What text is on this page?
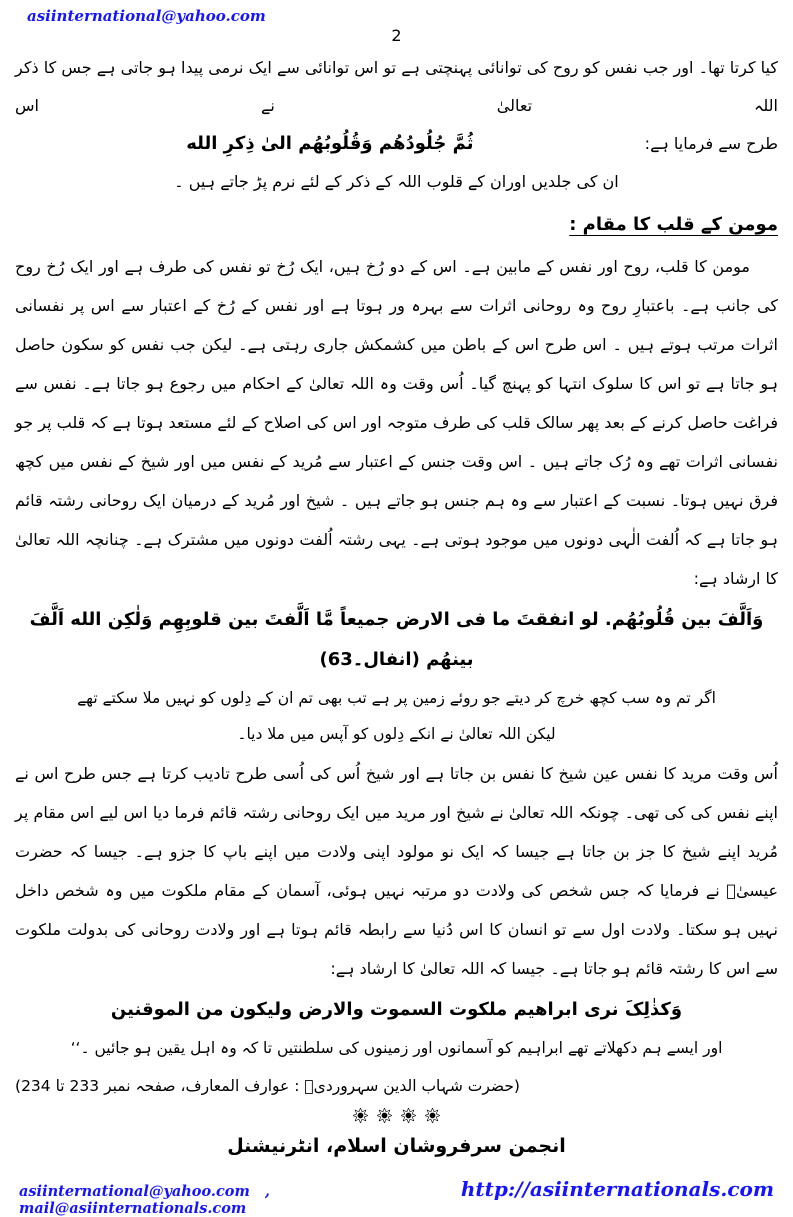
asiinternational@yahoo.com
2
کیا کرتا تھا۔ اور جب نفس کو روح کی توانائی پہنچتی ہے تو اس توانائی سے ایک نرمی پیدا ہو جاتی ہے جس کا ذکر اللہ تعالیٰ نے اس
طرح سے فرمایا ہے:
ثُمَّ جُلُودُهُم وَقُلُوبُهُم الیٰ ذِکرِ الله
ان کی جلدیں اوران کے قلوب اللہ کے ذکر کے لئے نرم پڑ جاتے ہیں ۔
مومن کے قلب کا مقام :
مومن کا قلب، روح اور نفس کے مابین ہے۔ اس کے دو رُخ ہیں، ایک رُخ تو نفس کی طرف ہے اور ایک رُخ روح کی جانب ہے۔ باعتبارِ روح وہ روحانی اثرات سے بہرہ ور ہوتا ہے اور نفس کے رُخ کے اعتبار سے اس پر نفسانی اثرات مرتب ہوتے ہیں ۔ اس طرح اس کے باطن میں کشمکش جاری رہتی ہے۔ لیکن جب نفس کو سکون حاصل ہو جاتا ہے تو اس کا سلوک انتہا کو پہنچ گیا۔ اُس وقت وہ اللہ تعالیٰ کے احکام میں رجوع ہو جاتا ہے۔ نفس سے فراغت حاصل کرنے کے بعد پھر سالک قلب کی طرف متوجہ اور اس کی اصلاح کے لئے مستعد ہوتا ہے کہ قلب پر جو نفسانی اثرات تھے وہ رُک جاتے ہیں ۔ اس وقت جنس کے اعتبار سے مُرید کے نفس میں اور شیخ کے نفس میں کچھ فرق نہیں ہوتا۔ نسبت کے اعتبار سے وہ ہم جنس ہو جاتے ہیں ۔ شیخ اور مُرید کے درمیان ایک روحانی رشتہ قائم ہو جاتا ہے کہ اُلفت الٰہی دونوں میں موجود ہوتی ہے۔ یہی رشتہ اُلفت دونوں میں مشترک ہے۔ چنانچہ اللہ تعالیٰ کا ارشاد ہے:
وَاَلَّفَ بین قُلُوبُهُم. لو انفقتَ ما فی الارض جمیعاً مَّا اَلَّفتَ بین قلوبِهِم وَلٰکِن الله اَلَّفَ بینهُم (انفال۔63)
اگر تم وہ سب کچھ خرچ کر دیتے جو روئے زمین پر ہے تب بھی تم ان کے دِلوں کو نہیں ملا سکتے تھے
لیکن اللہ تعالیٰ نے انکے دِلوں کو آپس میں ملا دیا۔
اُس وقت مرید کا نفس عین شیخ کا نفس بن جاتا ہے اور شیخ اُس کی اُسی طرح تادیب کرتا ہے جس طرح اس نے اپنے نفس کی کی تھی۔ چونکہ اللہ تعالیٰ نے شیخ اور مرید میں ایک روحانی رشتہ قائم فرما دیا اس لیے اس مقام پر مُرید اپنے شیخ کا جز بن جاتا ہے جیسا کہ ایک نو مولود اپنی ولادت میں اپنے باپ کا جزو ہے۔ جیسا کہ حضرت عیسیٰؑ نے فرمایا کہ جس شخص کی ولادت دو مرتبہ نہیں ہوئی، آسمان کے مقام ملکوت میں وہ شخص داخل نہیں ہو سکتا۔ ولادت اول سے تو انسان کا اس دُنیا سے رابطہ قائم ہوتا ہے اور ولادت روحانی کی بدولت ملکوت سے اس کا رشتہ قائم ہو جاتا ہے۔ جیسا کہ اللہ تعالیٰ کا ارشاد ہے:
وَکذٰلِکَ نری ابراهیم ملکوت السموت والارض ولیکون من الموقنین
اور ایسے ہم دکھلاتے تھے ابراہیم کو آسمانوں اور زمینوں کی سلطنتیں تا کہ وہ اہل یقین ہو جائیں ۔‘‘
(حضرت شہاب الدین سہروردیؒ : عوارف المعارف، صفحہ نمبر 233 تا 234)
انجمن سرفروشان اسلام، انٹرنیشنل
asiinternational@yahoo.com , mail@asiinternationals.com
http://asiinternationals.com
